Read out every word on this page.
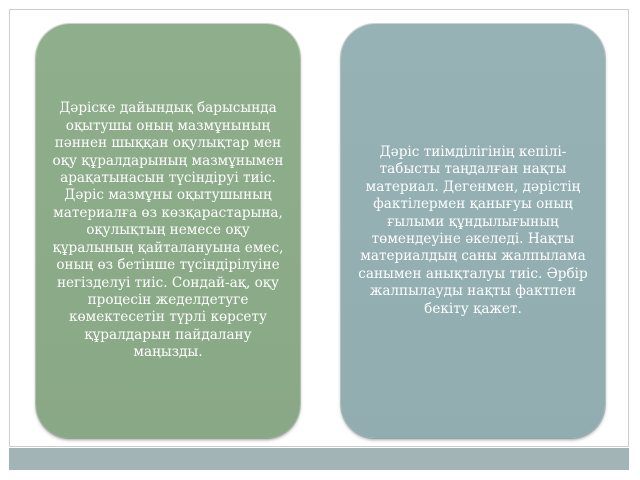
Дәріске дайындық барысында оқытушы оның мазмұнының пәннен шыққан оқулықтар мен оқу құралдарының мазмұнымен арақатынасын түсіндіруі тиіс. Дәріс мазмұны оқытушының материалға өз көзқарастарына, оқулықтың немесе оқу құралының қайталануына емес, оның өз бетінше түсіндірілуіне негізделуі тиіс. Сондай-ақ, оқу процесін жеделдетуге көмектесетін түрлі көрсету құралдарын пайдалану маңызды.

Дәріс тиімділігінің кепілі-табысты таңдалған нақты материал. Дегенмен, дәрістің фактілермен қанығуы оның ғылыми құндылығының төмендеуіне әкеледі. Нақты материалдың саны жалпылама санымен анықталуы тиіс. Әрбір жалпылауды нақты фактпен бекіту қажет.
